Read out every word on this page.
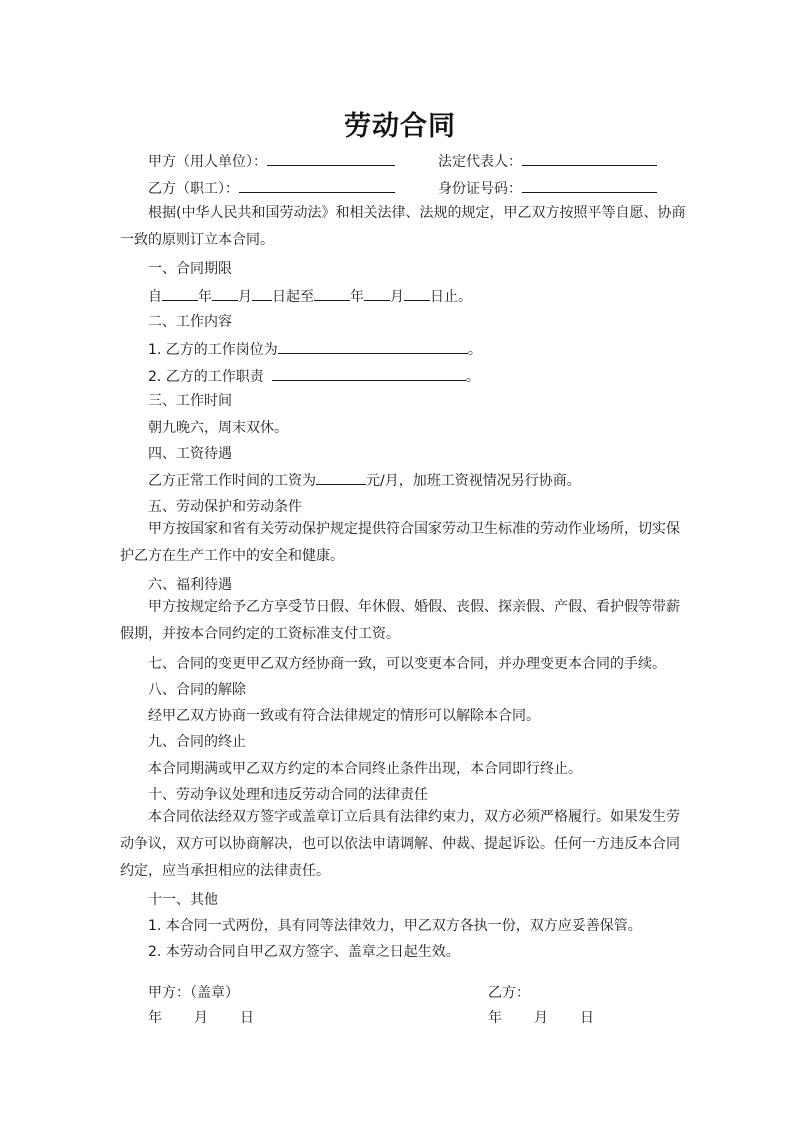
劳动合同
甲方（用人单位）：	法定代表人：
乙方（职工）：	身份证号码：
根据(中华人民共和国劳动法》和相关法律、法规的规定，甲乙双方按照平等自愿、协商一致的原则订立本合同。
一、合同期限
自	年 月 日起至	年 月 日止。
二、工作内容
1. 乙方的工作岗位为	。
2. 乙方的工作职责	。
三、工作时间
朝九晚六，周末双休。
四、工资待遇
乙方正常工作时间的工资为	元/月，加班工资视情况另行协商。
五、劳动保护和劳动条件
甲方按国家和省有关劳动保护规定提供符合国家劳动卫生标准的劳动作业场所，切实保护乙方在生产工作中的安全和健康。
六、福利待遇
甲方按规定给予乙方享受节日假、年休假、婚假、丧假、探亲假、产假、看护假等带薪假期，并按本合同约定的工资标准支付工资。
七、合同的变更甲乙双方经协商一致，可以变更本合同，并办理变更本合同的手续。
八、合同的解除
经甲乙双方协商一致或有符合法律规定的情形可以解除本合同。
九、合同的终止
本合同期满或甲乙双方约定的本合同终止条件出现，本合同即行终止。
十、劳动争议处理和违反劳动合同的法律责任
本合同依法经双方签字或盖章订立后具有法律约束力，双方必须严格履行。如果发生劳动争议，双方可以协商解决，也可以依法申请调解、仲裁、提起诉讼。任何一方违反本合同约定，应当承担相应的法律责任。
十一、其他
1. 本合同一式两份，具有同等法律效力，甲乙双方各执一份，双方应妥善保管。
2. 本劳动合同自甲乙双方签字、盖章之日起生效。
甲方：（盖章）	乙方：
年 月 日	年 月 日
